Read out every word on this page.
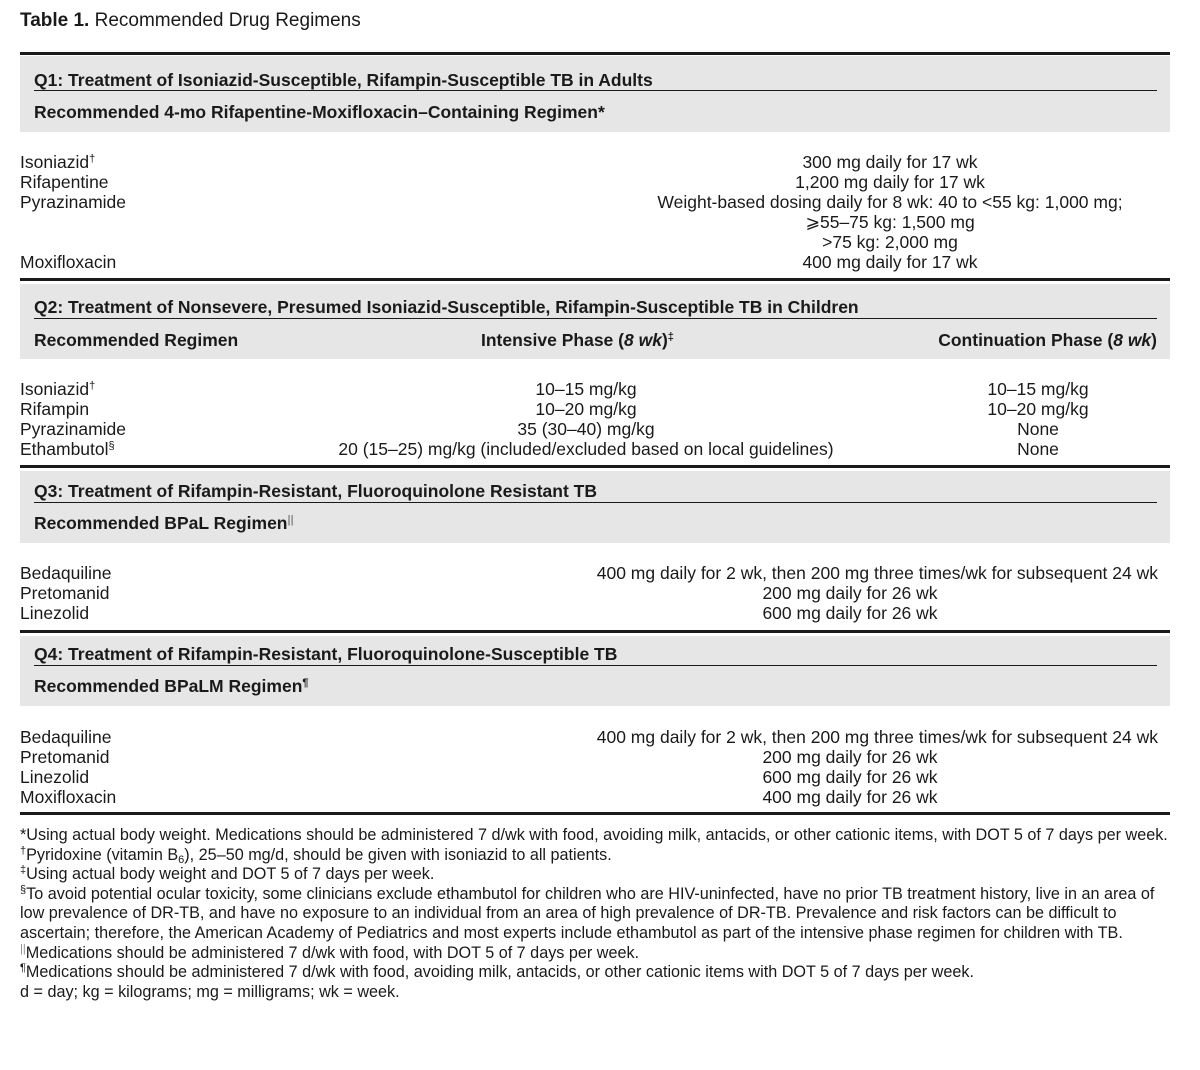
Table 1. Recommended Drug Regimens
Q1: Treatment of Isoniazid-Susceptible, Rifampin-Susceptible TB in Adults
Recommended 4-mo Rifapentine-Moxifloxacin–Containing Regimen*
Isoniazid†	300 mg daily for 17 wk
Rifapentine	1,200 mg daily for 17 wk
Pyrazinamide	Weight-based dosing daily for 8 wk: 40 to <55 kg: 1,000 mg;
⩾55–75 kg: 1,500 mg
>75 kg: 2,000 mg
Moxifloxacin	400 mg daily for 17 wk
Q2: Treatment of Nonsevere, Presumed Isoniazid-Susceptible, Rifampin-Susceptible TB in Children
Recommended Regimen	Intensive Phase (8 wk)‡	Continuation Phase (8 wk)
Isoniazid†	10–15 mg/kg	10–15 mg/kg
Rifampin	10–20 mg/kg	10–20 mg/kg
Pyrazinamide	35 (30–40) mg/kg	None
Ethambutol§	20 (15–25) mg/kg (included/excluded based on local guidelines)	None
Q3: Treatment of Rifampin-Resistant, Fluoroquinolone Resistant TB
Recommended BPaL Regimen||
Bedaquiline	400 mg daily for 2 wk, then 200 mg three times/wk for subsequent 24 wk
Pretomanid	200 mg daily for 26 wk
Linezolid	600 mg daily for 26 wk
Q4: Treatment of Rifampin-Resistant, Fluoroquinolone-Susceptible TB
Recommended BPaLM Regimen¶
Bedaquiline	400 mg daily for 2 wk, then 200 mg three times/wk for subsequent 24 wk
Pretomanid	200 mg daily for 26 wk
Linezolid	600 mg daily for 26 wk
Moxifloxacin	400 mg daily for 26 wk

*Using actual body weight. Medications should be administered 7 d/wk with food, avoiding milk, antacids, or other cationic items, with DOT 5 of 7 days per week.

†Pyridoxine (vitamin $B_6$), 25–50 mg/d, should be given with isoniazid to all patients.

‡Using actual body weight and DOT 5 of 7 days per week.

§To avoid potential ocular toxicity, some clinicians exclude ethambutol for children who are HIV-uninfected, have no prior TB treatment history, live in an area of low prevalence of DR-TB, and have no exposure to an individual from an area of high prevalence of DR-TB. Prevalence and risk factors can be difficult to ascertain; therefore, the American Academy of Pediatrics and most experts include ethambutol as part of the intensive phase regimen for children with TB.

||Medications should be administered 7 d/wk with food, with DOT 5 of 7 days per week.

¶Medications should be administered 7 d/wk with food, avoiding milk, antacids, or other cationic items with DOT 5 of 7 days per week.

d = day; kg = kilograms; mg = milligrams; wk = week.
